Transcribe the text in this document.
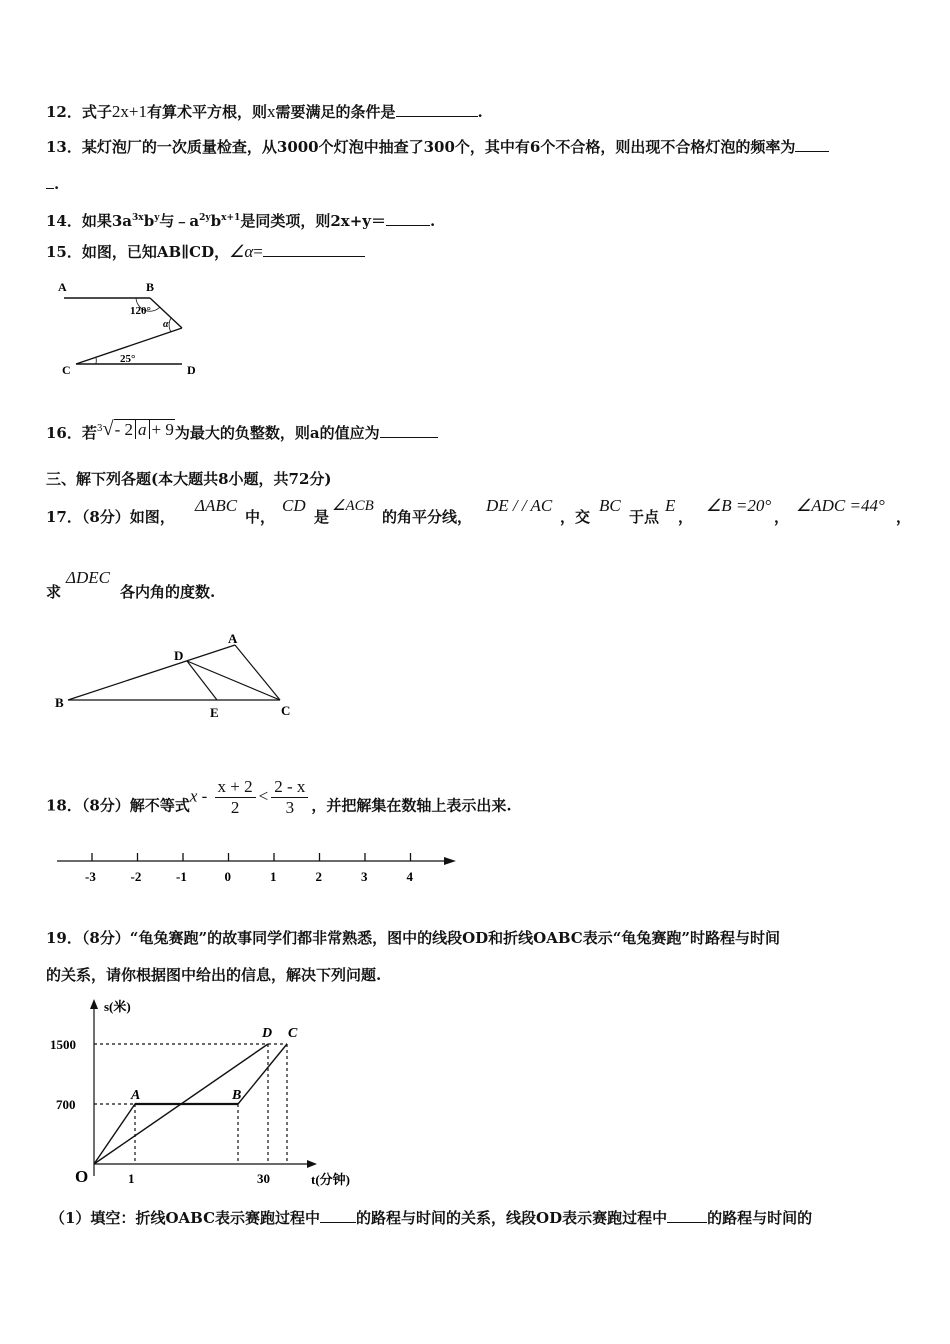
12．式子2x+1有算术平方根，则x需要满足的条件是	.
13．某灯泡厂的一次质量检查，从3000个灯泡中抽查了300个，其中有6个不合格，则出现不合格灯泡的频率为
.
14．如果$3a^{3x}b^y$与$﹣a^{2y}b^{x+1}$是同类项，则2x+y＝	.
15．如图，已知AB∥CD，∠α=
A	B
C	D
120°
α
25°
16．若$^3$√- 2 a + 9为最大的负整数，则a的值应为
三、解下列各题(本大题共8小题，共72分)
17．（8分）如图，
ΔABC
中，
CD
是
∠ACB
的角平分线，
DE / / AC
，交
BC
于点
E
，
∠B =20°
，
∠ADC =44°
，
求
ΔDEC
各内角的度数.
A
B
C
D
E
18．（8分）解不等式$x - \frac{x + 2}{2} < \frac{2 - x}{3}$ ，并把解集在数轴上表示出来.
-3	-2	-1	0	1	2	3	4
19．（8分）“龟兔赛跑”的故事同学们都非常熟悉，图中的线段OD和折线OABC表示“龟兔赛跑”时路程与时间
的关系，请你根据图中给出的信息，解决下列问题.
s(米)
t(分钟)
O
1500
700
1	30
A	B
C
D
（1）填空：折线OABC表示赛跑过程中 的路程与时间的关系，线段OD表示赛跑过程中	的路程与时间的
